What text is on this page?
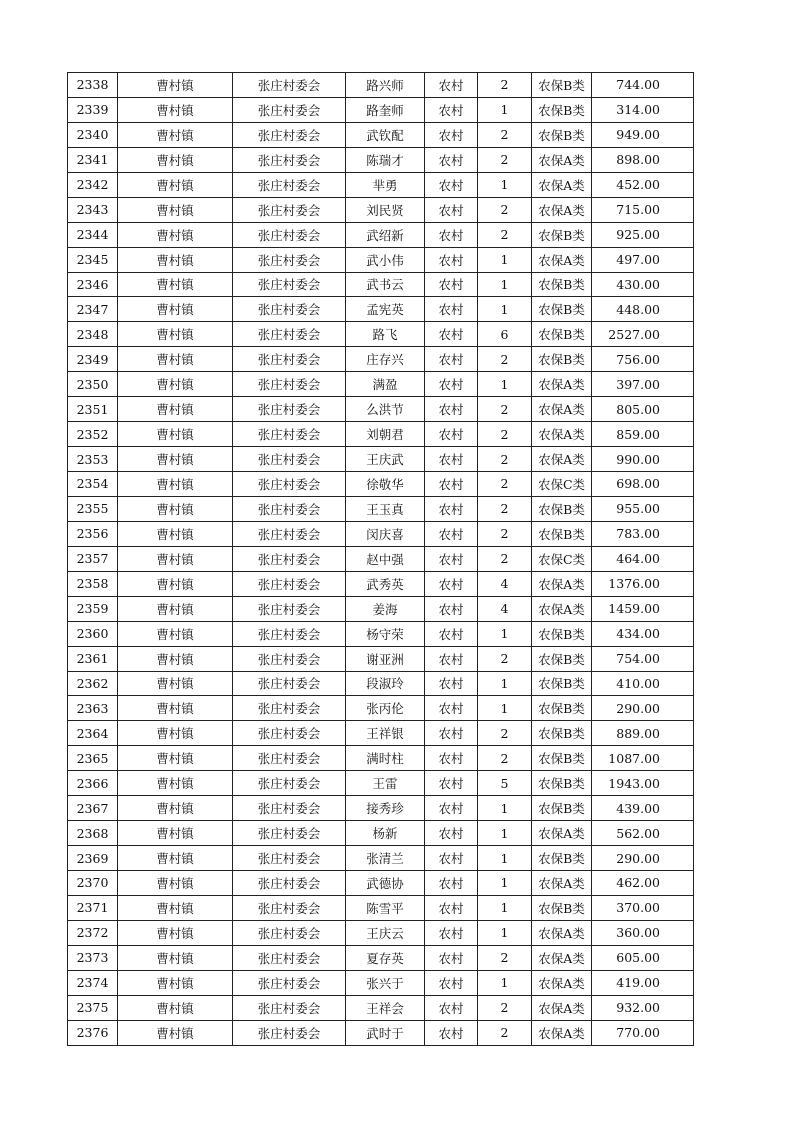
2338	曹村镇	张庄村委会	路兴师	农村	2	农保B类	744.00
2339	曹村镇	张庄村委会	路奎师	农村	1	农保B类	314.00
2340	曹村镇	张庄村委会	武钦配	农村	2	农保B类	949.00
2341	曹村镇	张庄村委会	陈瑞才	农村	2	农保A类	898.00
2342	曹村镇	张庄村委会	芈勇	农村	1	农保A类	452.00
2343	曹村镇	张庄村委会	刘民贤	农村	2	农保A类	715.00
2344	曹村镇	张庄村委会	武绍新	农村	2	农保B类	925.00
2345	曹村镇	张庄村委会	武小伟	农村	1	农保A类	497.00
2346	曹村镇	张庄村委会	武书云	农村	1	农保B类	430.00
2347	曹村镇	张庄村委会	孟宪英	农村	1	农保B类	448.00
2348	曹村镇	张庄村委会	路飞	农村	6	农保B类	2527.00
2349	曹村镇	张庄村委会	庄存兴	农村	2	农保B类	756.00
2350	曹村镇	张庄村委会	满盈	农村	1	农保A类	397.00
2351	曹村镇	张庄村委会	么洪节	农村	2	农保A类	805.00
2352	曹村镇	张庄村委会	刘朝君	农村	2	农保A类	859.00
2353	曹村镇	张庄村委会	王庆武	农村	2	农保A类	990.00
2354	曹村镇	张庄村委会	徐敬华	农村	2	农保C类	698.00
2355	曹村镇	张庄村委会	王玉真	农村	2	农保B类	955.00
2356	曹村镇	张庄村委会	闵庆喜	农村	2	农保B类	783.00
2357	曹村镇	张庄村委会	赵中强	农村	2	农保C类	464.00
2358	曹村镇	张庄村委会	武秀英	农村	4	农保A类	1376.00
2359	曹村镇	张庄村委会	姜海	农村	4	农保A类	1459.00
2360	曹村镇	张庄村委会	杨守荣	农村	1	农保B类	434.00
2361	曹村镇	张庄村委会	谢亚洲	农村	2	农保B类	754.00
2362	曹村镇	张庄村委会	段淑玲	农村	1	农保B类	410.00
2363	曹村镇	张庄村委会	张丙伦	农村	1	农保B类	290.00
2364	曹村镇	张庄村委会	王祥银	农村	2	农保B类	889.00
2365	曹村镇	张庄村委会	满时柱	农村	2	农保B类	1087.00
2366	曹村镇	张庄村委会	王雷	农村	5	农保B类	1943.00
2367	曹村镇	张庄村委会	接秀珍	农村	1	农保B类	439.00
2368	曹村镇	张庄村委会	杨新	农村	1	农保A类	562.00
2369	曹村镇	张庄村委会	张清兰	农村	1	农保B类	290.00
2370	曹村镇	张庄村委会	武德协	农村	1	农保A类	462.00
2371	曹村镇	张庄村委会	陈雪平	农村	1	农保B类	370.00
2372	曹村镇	张庄村委会	王庆云	农村	1	农保A类	360.00
2373	曹村镇	张庄村委会	夏存英	农村	2	农保A类	605.00
2374	曹村镇	张庄村委会	张兴于	农村	1	农保A类	419.00
2375	曹村镇	张庄村委会	王祥会	农村	2	农保A类	932.00
2376	曹村镇	张庄村委会	武时于	农村	2	农保A类	770.00
